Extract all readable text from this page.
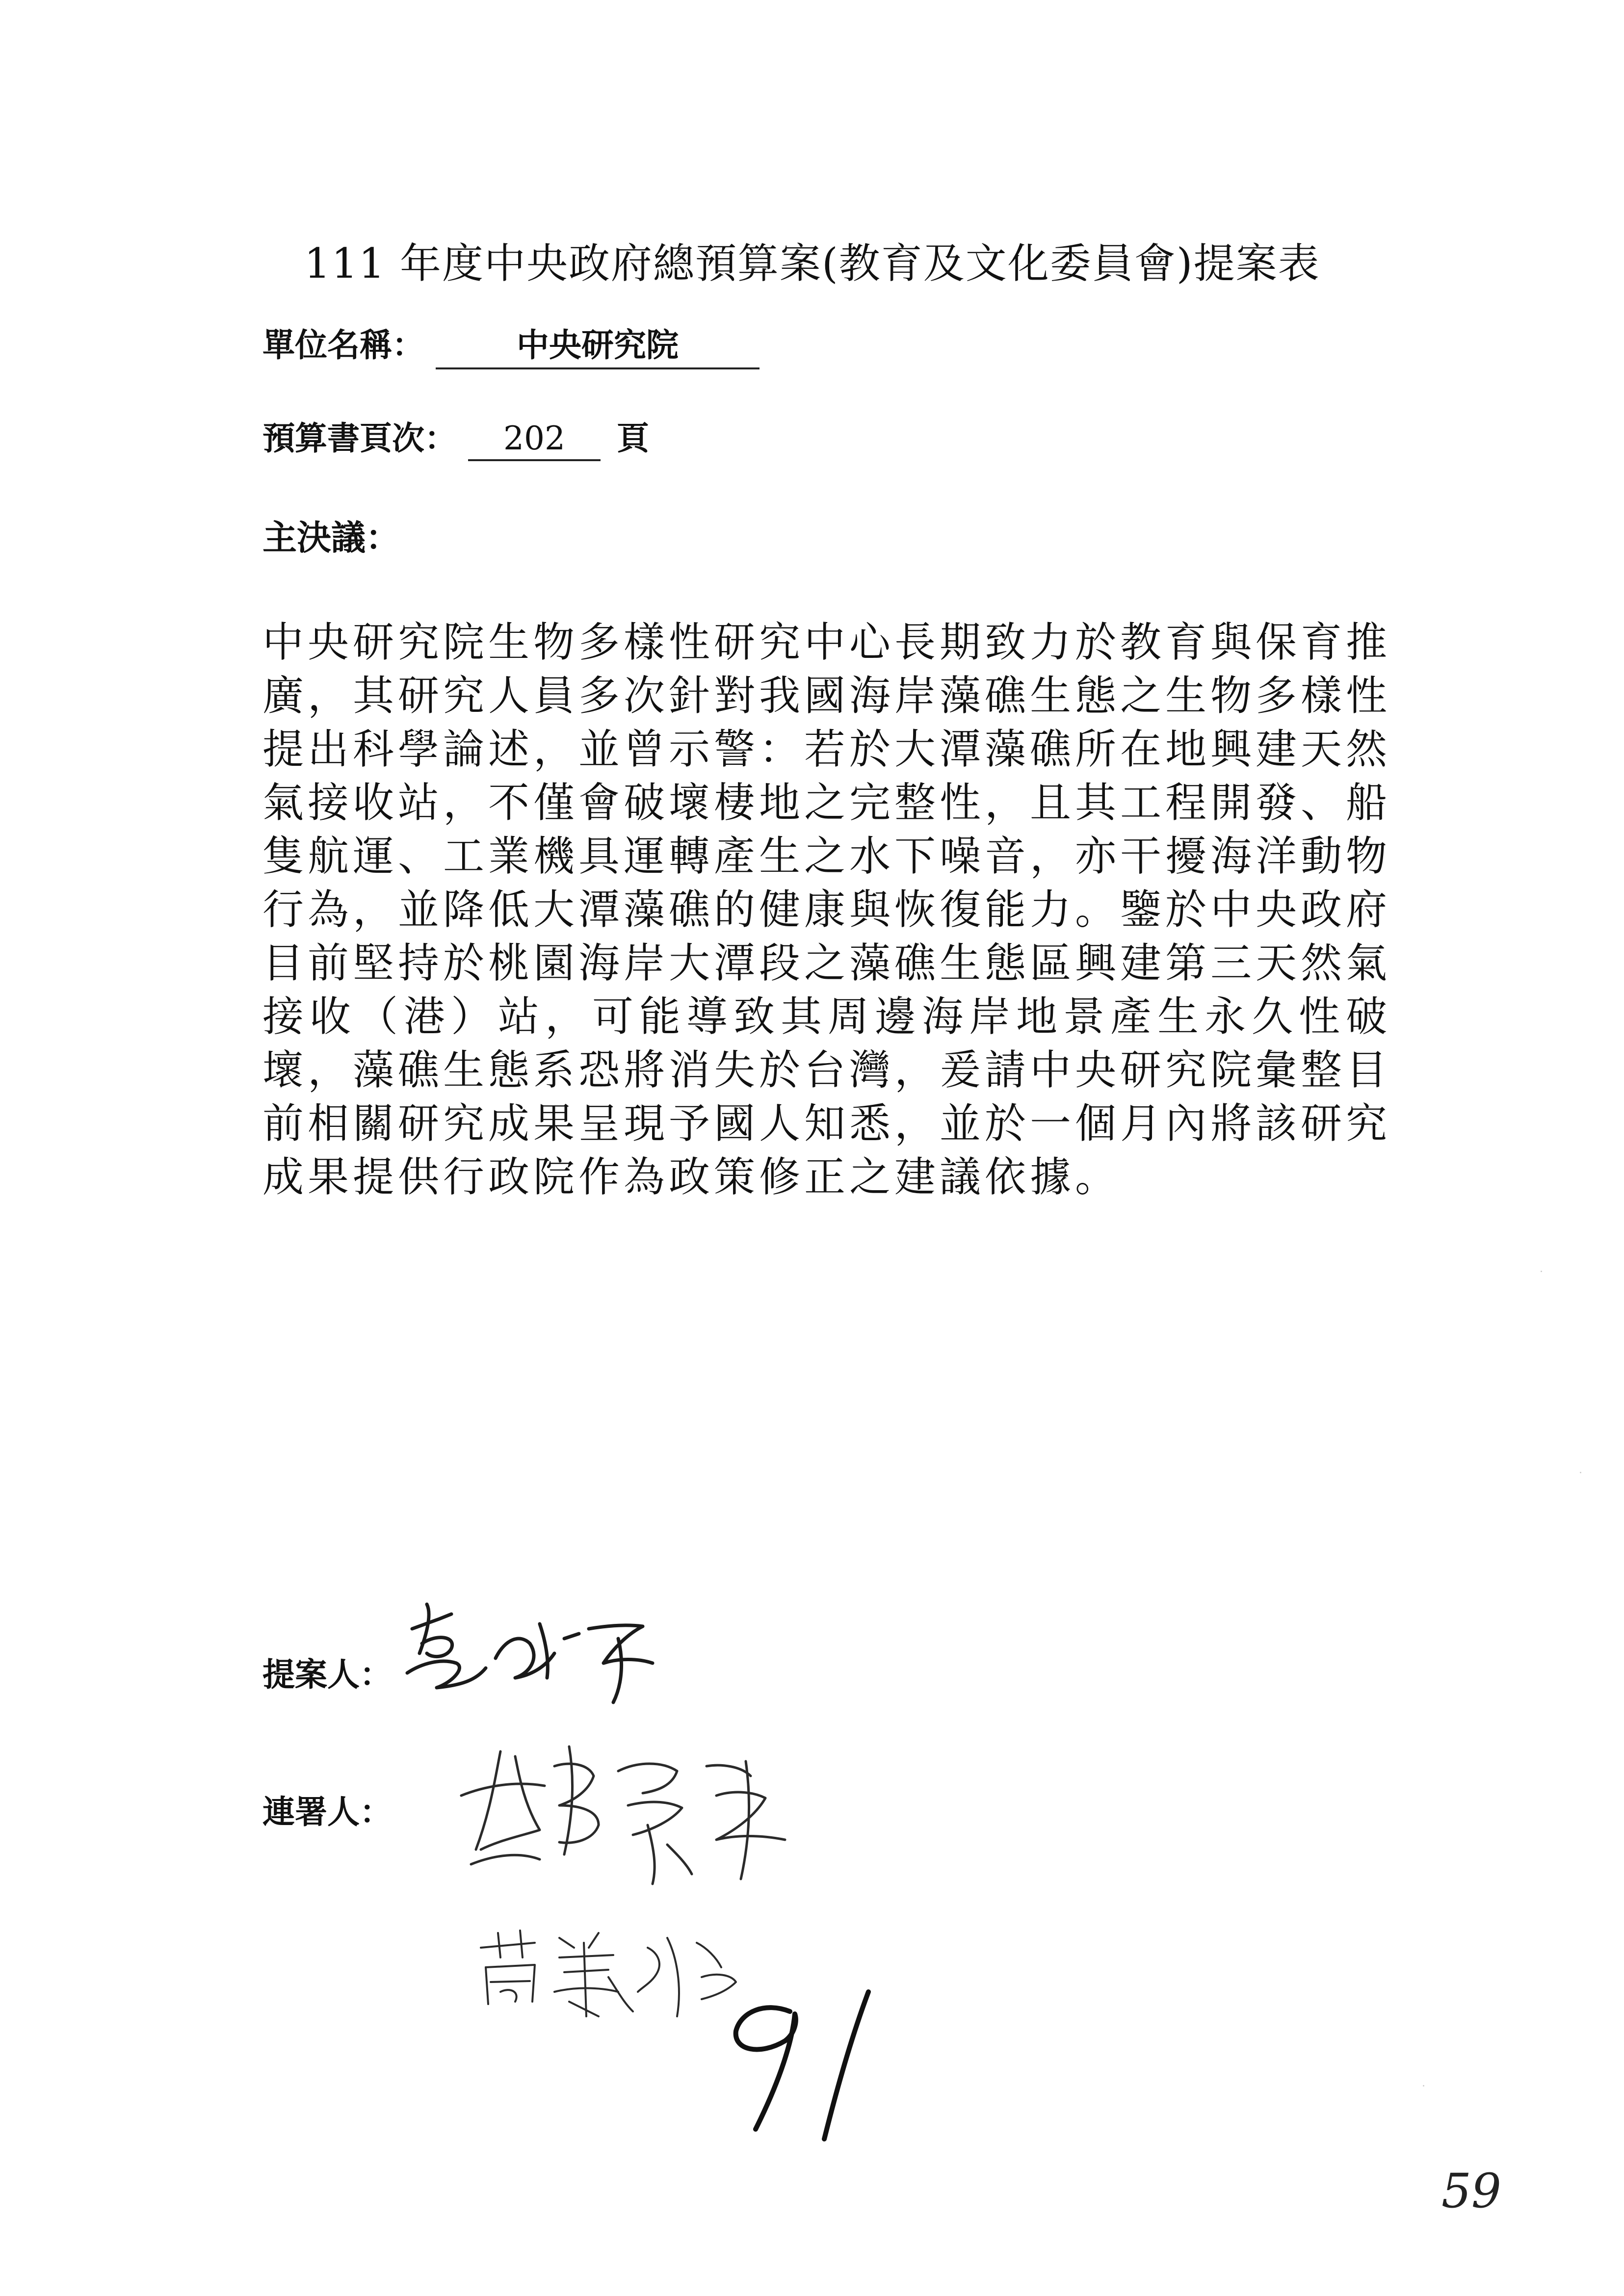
111 年度中央政府總預算案(教育及文化委員會)提案表
單位名稱：	中央研究院
預算書頁次： 202 頁
主決議：
中央研究院生物多樣性研究中心長期致力於教育與保育推廣，其研究人員多次針對我國海岸藻礁生態之生物多樣性提出科學論述，並曾示警：若於大潭藻礁所在地興建天然氣接收站，不僅會破壞棲地之完整性，且其工程開發、船隻航運、工業機具運轉產生之水下噪音，亦干擾海洋動物行為，並降低大潭藻礁的健康與恢復能力。鑒於中央政府目前堅持於桃園海岸大潭段之藻礁生態區興建第三天然氣接收（港）站，可能導致其周邊海岸地景產生永久性破壞，藻礁生態系恐將消失於台灣，爰請中央研究院彙整目前相關研究成果呈現予國人知悉，並於一個月內將該研究成果提供行政院作為政策修正之建議依據。
提案人：
連署人：
59
